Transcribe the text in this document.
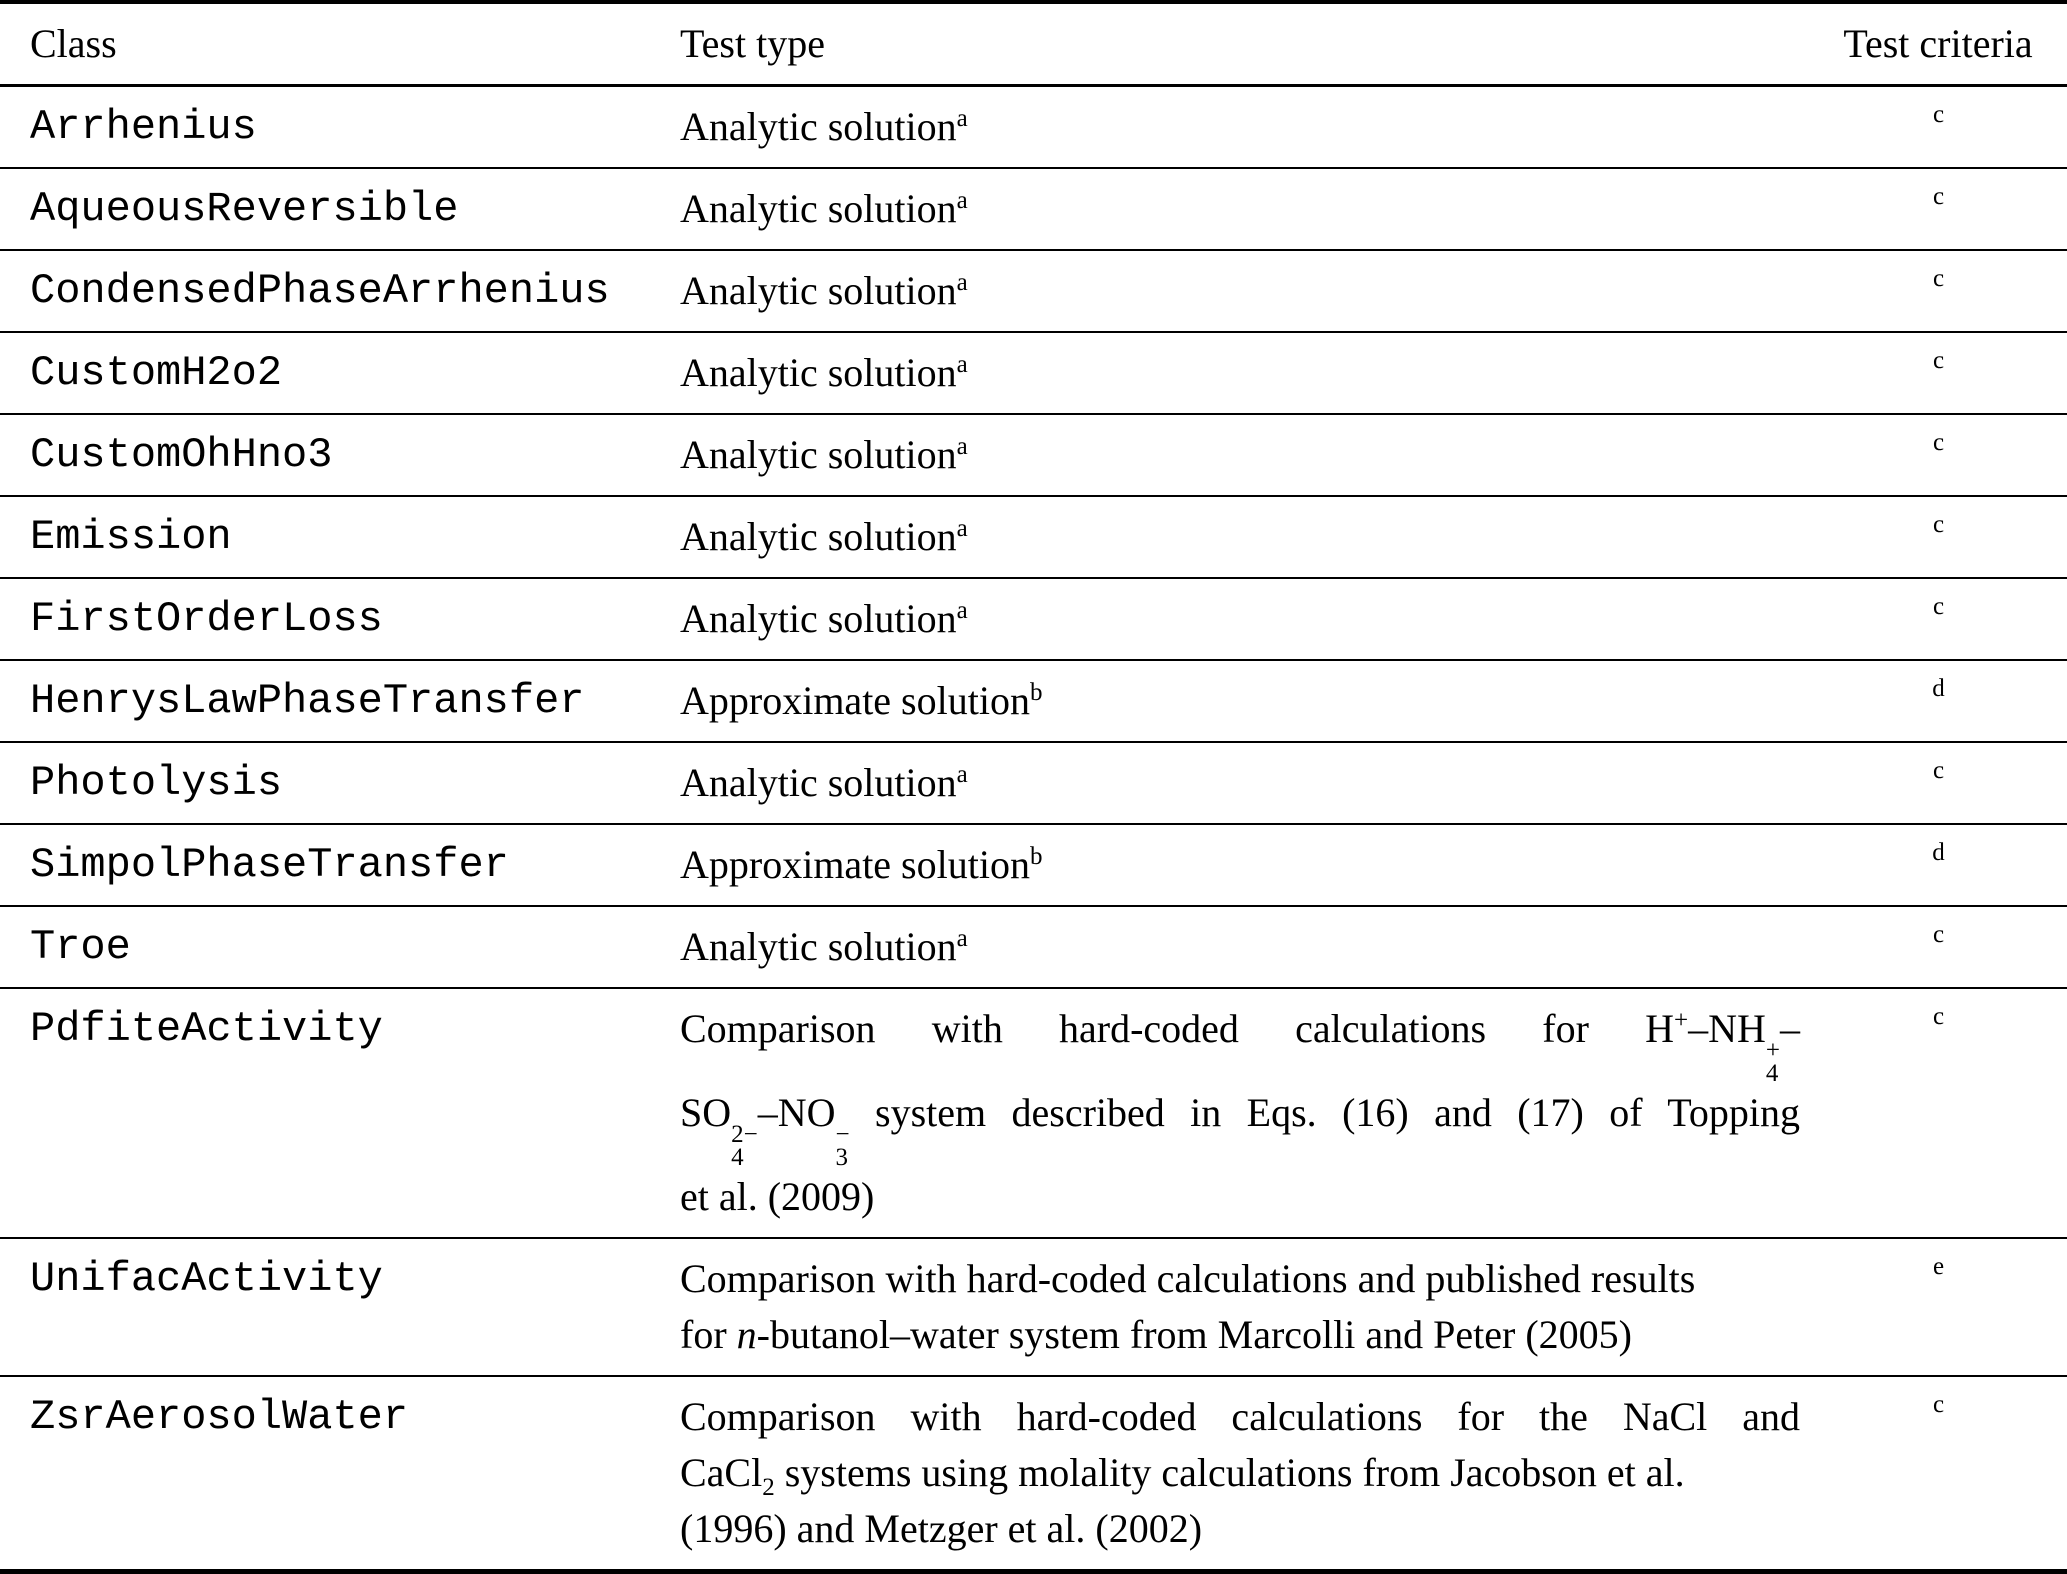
Class	Test type	Test criteria
Arrhenius	Analytic solution$^a$	c
AqueousReversible	Analytic solution$^a$	c
CondensedPhaseArrhenius	Analytic solution$^a$	c
CustomH2o2	Analytic solution$^a$	c
CustomOhHno3	Analytic solution$^a$	c
Emission	Analytic solution$^a$	c
FirstOrderLoss	Analytic solution$^a$	c
HenrysLawPhaseTransfer	Approximate solution$^b$	d
Photolysis	Analytic solution$^a$	c
SimpolPhaseTransfer	Approximate solution$^b$	d
Troe	Analytic solution$^a$	c
PdfiteActivity	Comparison with hard-coded calculations for H+–NH +
4
–
SO 2−
4
–NO −
3
system described in Eqs. (16) and (17) of Topping
et al. (2009)
	c
UnifacActivity	Comparison with hard-coded calculations and published results
for n-butanol–water system from Marcolli and Peter (2005)	e
ZsrAerosolWater	Comparison with hard-coded calculations for the NaCl and
CaCl$_2$ systems using molality calculations from Jacobson et al.
(1996) and Metzger et al. (2002)	c
